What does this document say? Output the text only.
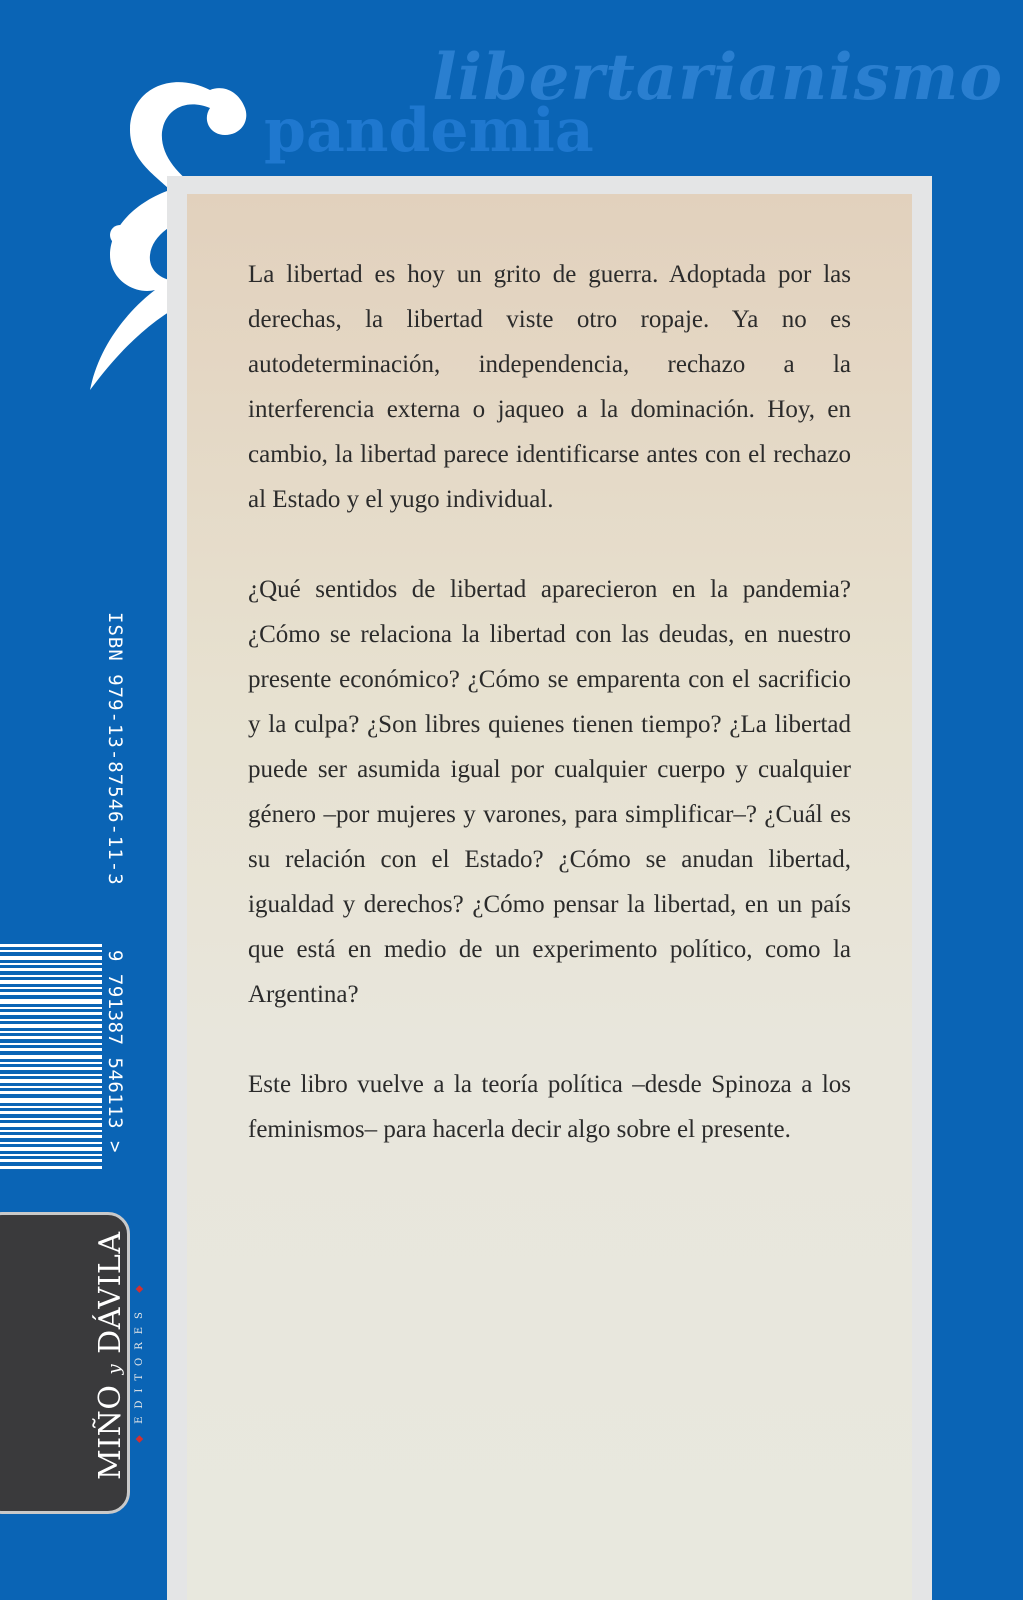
libertarianismo
pandemia

La libertad es hoy un grito de guerra. Adoptada por las derechas, la libertad viste otro ropaje. Ya no es autodeterminación, independencia, rechazo a la interferencia externa o jaqueo a la dominación. Hoy, en cambio, la libertad parece identificarse antes con el rechazo al Estado y el yugo individual.

¿Qué sentidos de libertad aparecieron en la pandemia? ¿Cómo se relaciona la libertad con las deudas, en nuestro presente económico? ¿Cómo se emparenta con el sacrificio y la culpa? ¿Son libres quienes tienen tiempo? ¿La libertad puede ser asumida igual por cualquier cuerpo y cualquier género –por mujeres y varones, para simplificar–? ¿Cuál es su relación con el Estado? ¿Cómo se anudan libertad, igualdad y derechos? ¿Cómo pensar la libertad, en un país que está en medio de un experimento político, como la Argentina?

Este libro vuelve a la teoría política –desde Spinoza a los feminismos– para hacerla decir algo sobre el presente.

ISBN 979-13-87546-11-3
9 791387 546113 >
MIÑO y DÁVILA
◆ EDITORES ◆
